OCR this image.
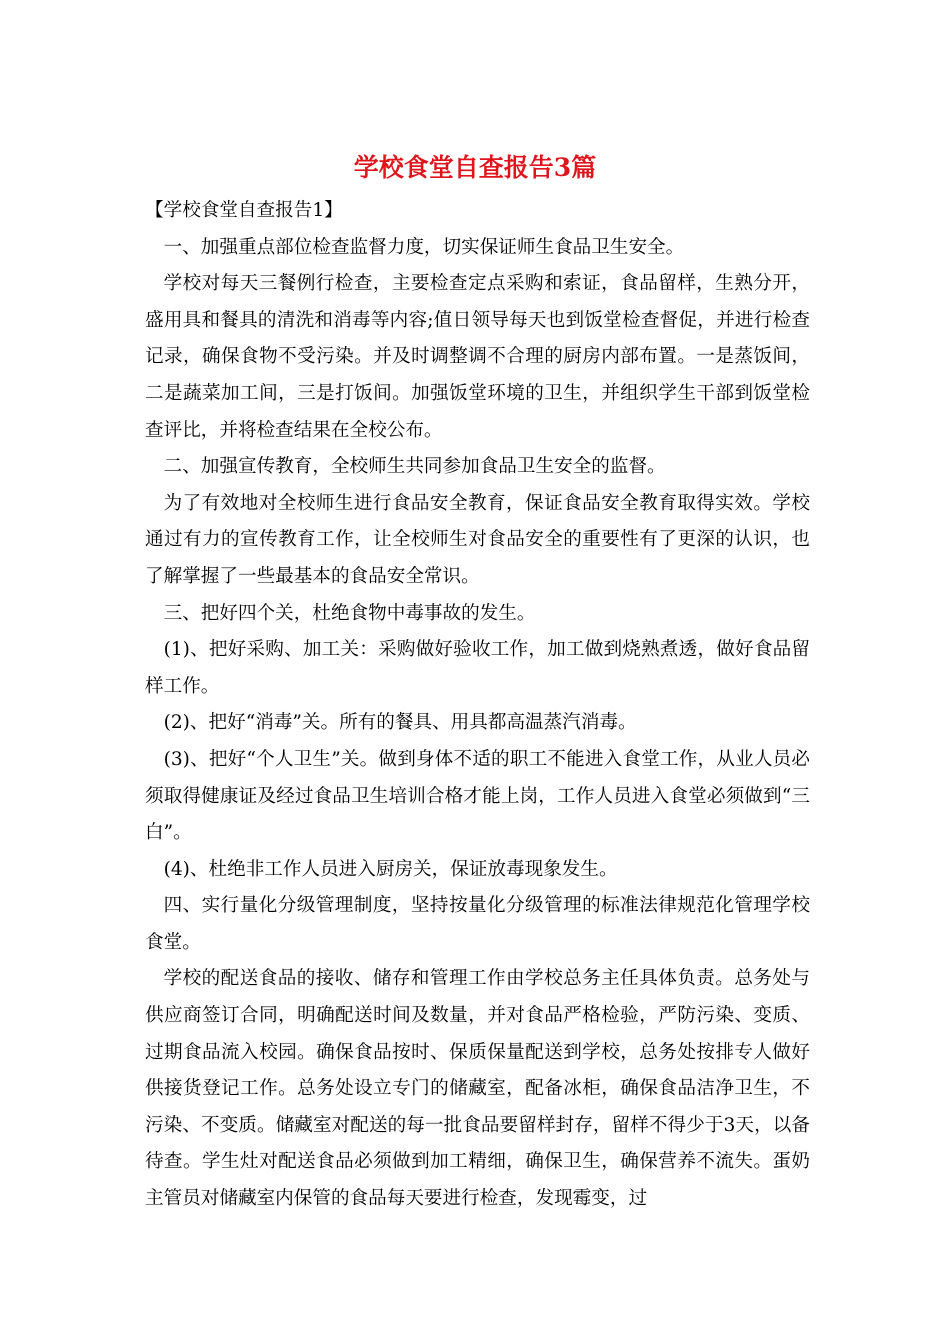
学校食堂自查报告3篇

【学校食堂自查报告1】

一、加强重点部位检查监督力度，切实保证师生食品卫生安全。

学校对每天三餐例行检查，主要检查定点采购和索证，食品留样，生熟分开，盛用具和餐具的清洗和消毒等内容;值日领导每天也到饭堂检查督促，并进行检查记录，确保食物不受污染。并及时调整调不合理的厨房内部布置。一是蒸饭间，二是蔬菜加工间，三是打饭间。加强饭堂环境的卫生，并组织学生干部到饭堂检查评比，并将检查结果在全校公布。

二、加强宣传教育，全校师生共同参加食品卫生安全的监督。

为了有效地对全校师生进行食品安全教育，保证食品安全教育取得实效。学校通过有力的宣传教育工作，让全校师生对食品安全的重要性有了更深的认识，也了解掌握了一些最基本的食品安全常识。

三、把好四个关，杜绝食物中毒事故的发生。

(1)、把好采购、加工关：采购做好验收工作，加工做到烧熟煮透，做好食品留样工作。

(2)、把好“消毒”关。所有的餐具、用具都高温蒸汽消毒。

(3)、把好“个人卫生”关。做到身体不适的职工不能进入食堂工作，从业人员必须取得健康证及经过食品卫生培训合格才能上岗，工作人员进入食堂必须做到“三白”。

(4)、杜绝非工作人员进入厨房关，保证放毒现象发生。

四、实行量化分级管理制度，坚持按量化分级管理的标准法律规范化管理学校食堂。

学校的配送食品的接收、储存和管理工作由学校总务主任具体负责。总务处与供应商签订合同，明确配送时间及数量，并对食品严格检验，严防污染、变质、过期食品流入校园。确保食品按时、保质保量配送到学校，总务处按排专人做好供接货登记工作。总务处设立专门的储藏室，配备冰柜，确保食品洁净卫生，不污染、不变质。储藏室对配送的每一批食品要留样封存，留样不得少于3天，以备待查。学生灶对配送食品必须做到加工精细，确保卫生，确保营养不流失。蛋奶主管员对储藏室内保管的食品每天要进行检查，发现霉变，过
